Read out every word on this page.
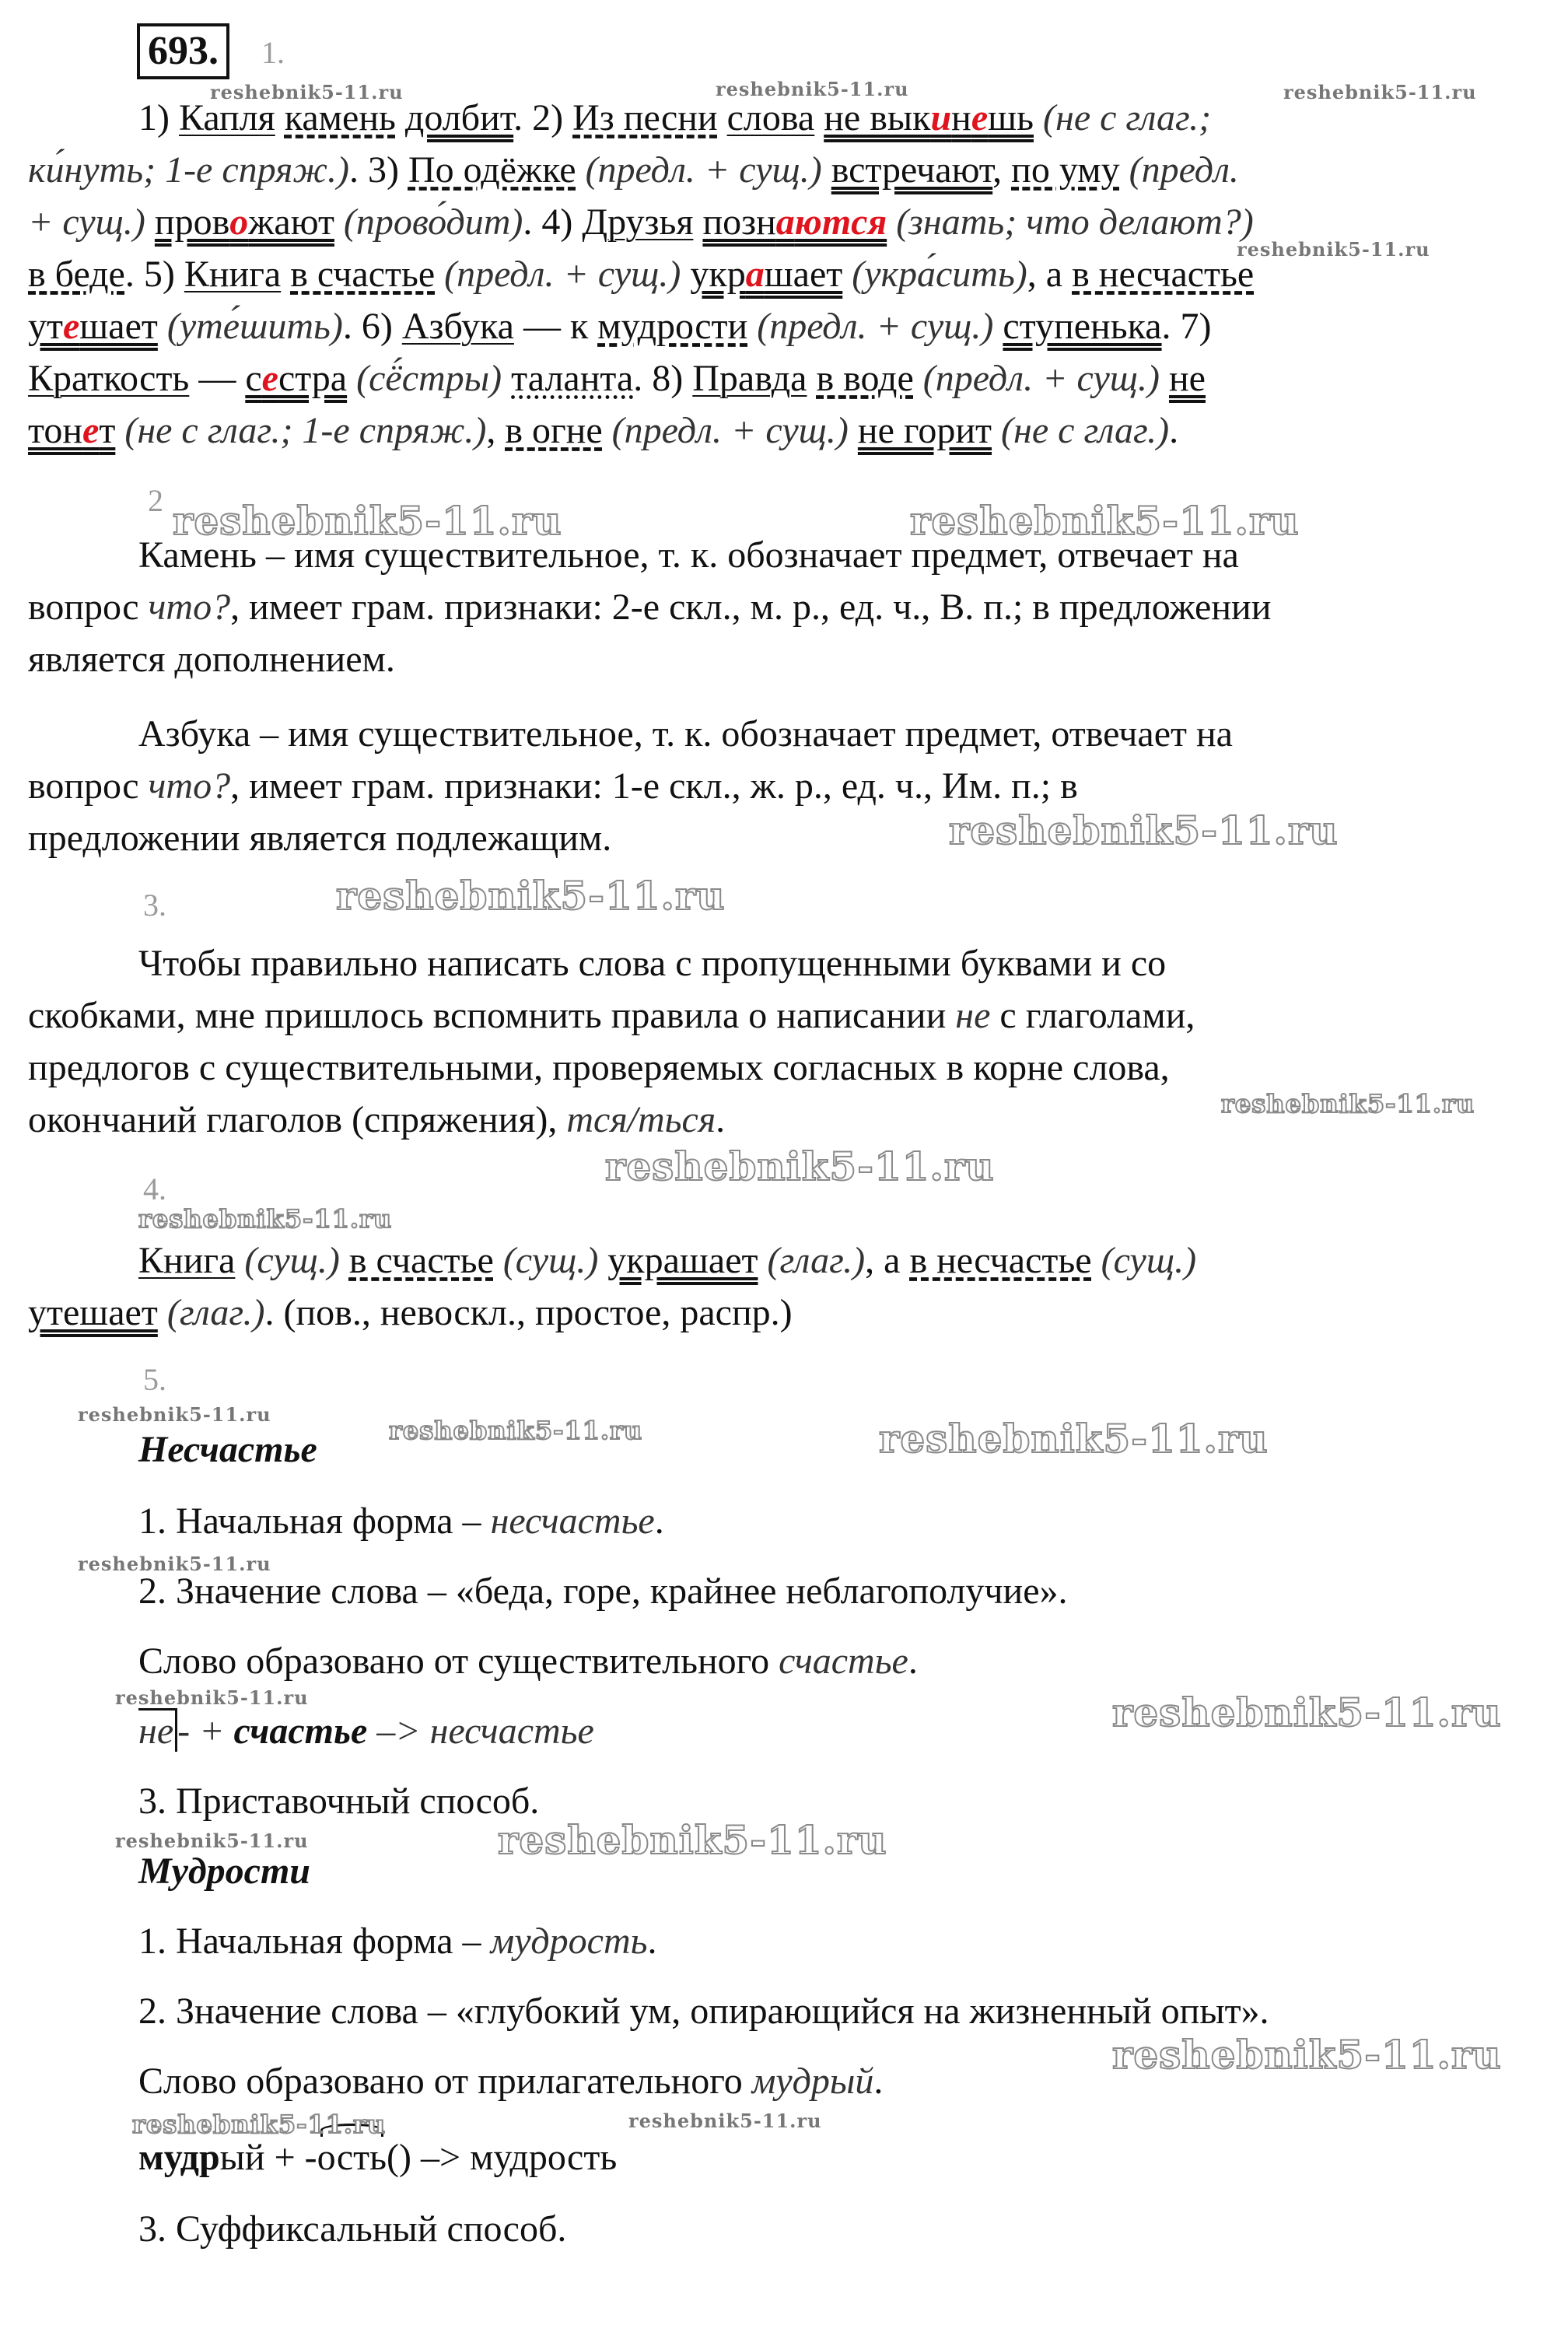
693.	1.
1) Капля камень долбит. 2) Из песни слова не выкинешь (не с глаг.;
ки́нуть; 1-е спряж.). 3) По одёжке (предл. + сущ.) встречают, по уму (предл.
+ сущ.) провожают (прово́дит). 4) Друзья познаются (знать; что делают?)
в беде. 5) Книга в счастье (предл. + сущ.) украшает (укра́сить), а в несчастье
утешает (уте́шить). 6) Азбука — к мудрости (предл. + сущ.) ступенька. 7)
Краткость — сестра (сё́стры) таланта. 8) Правда в воде (предл. + сущ.) не
тонет (не с глаг.; 1-е спряж.), в огне (предл. + сущ.) не горит (не с глаг.).
2
Камень – имя существительное, т. к. обозначает предмет, отвечает на
вопрос что?, имеет грам. признаки: 2-е скл., м. р., ед. ч., В. п.; в предложении
является дополнением.
Азбука – имя существительное, т. к. обозначает предмет, отвечает на
вопрос что?, имеет грам. признаки: 1-е скл., ж. р., ед. ч., Им. п.; в
предложении является подлежащим.
3.
Чтобы правильно написать слова с пропущенными буквами и со
скобками, мне пришлось вспомнить правила о написании не с глаголами,
предлогов с существительными, проверяемых согласных в корне слова,
окончаний глаголов (спряжения), тся/ться.
4.
Книга (сущ.) в счастье (сущ.) украшает (глаг.), а в несчастье (сущ.)
утешает (глаг.). (пов., невоскл., простое, распр.)
5.
Несчастье
1. Начальная форма – несчастье.
2. Значение слова – «беда, горе, крайнее неблагополучие».
Слово образовано от существительного счастье.
не - + счастье –> несчастье
3. Приставочный способ.
Мудрости
1. Начальная форма – мудрость.
2. Значение слова – «глубокий ум, опирающийся на жизненный опыт».
Слово образовано от прилагательного мудрый.
мудрый + -ость() –> мудрость
3. Суффиксальный способ.
reshebnik5-11.ru	reshebnik5-11.ru	reshebnik5-11.ru
reshebnik5-11.ru
reshebnik5-11.ru	reshebnik5-11.ru
reshebnik5-11.ru
reshebnik5-11.ru
reshebnik5-11.ru
reshebnik5-11.ru
reshebnik5-11.ru
reshebnik5-11.ru
reshebnik5-11.ru	reshebnik5-11.ru
reshebnik5-11.ru
reshebnik5-11.ru	reshebnik5-11.ru
reshebnik5-11.ru	reshebnik5-11.ru
reshebnik5-11.ru
reshebnik5-11.ru	reshebnik5-11.ru
